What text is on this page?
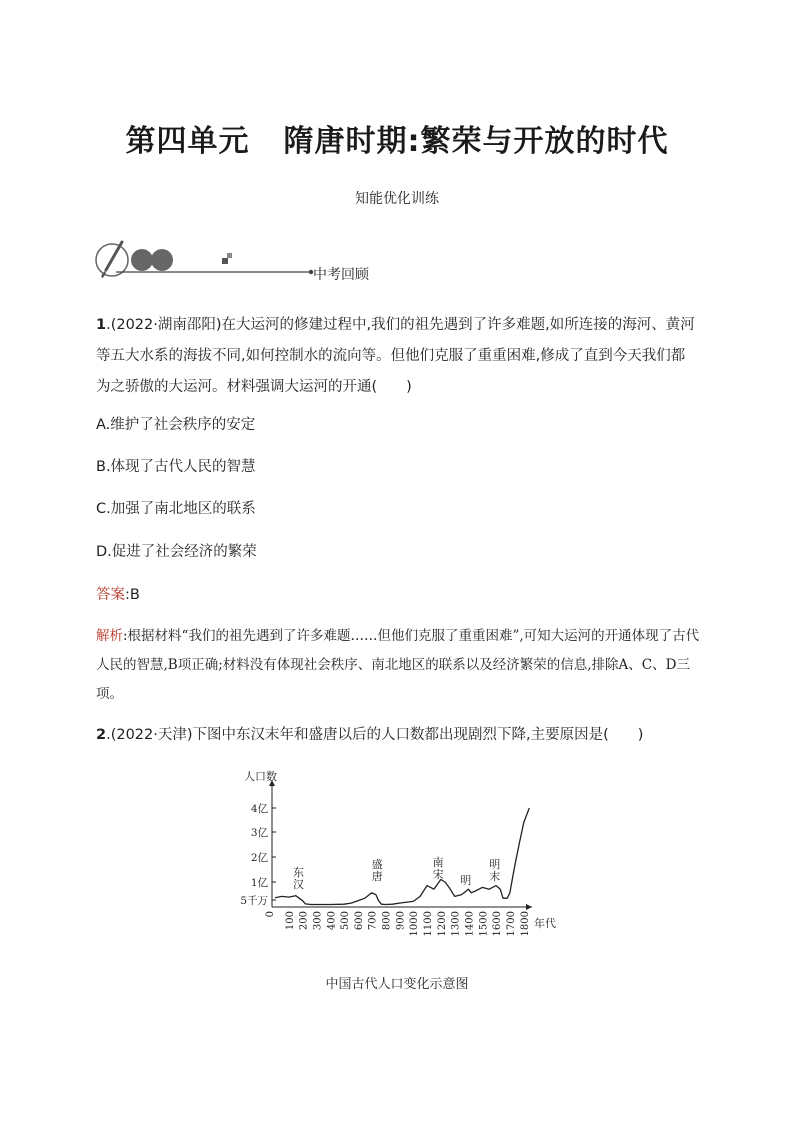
第四单元 隋唐时期:繁荣与开放的时代
知能优化训练
中考回顾
1.(2022·湖南邵阳)在大运河的修建过程中,我们的祖先遇到了许多难题,如所连接的海河、黄河等五大水系的海拔不同,如何控制水的流向等。但他们克服了重重困难,修成了直到今天我们都为之骄傲的大运河。材料强调大运河的开通(　　)
A.维护了社会秩序的安定
B.体现了古代人民的智慧
C.加强了南北地区的联系
D.促进了社会经济的繁荣
答案:B
解析:根据材料“我们的祖先遇到了许多难题……但他们克服了重重困难”,可知大运河的开通体现了古代人民的智慧,B项正确;材料没有体现社会秩序、南北地区的联系以及经济繁荣的信息,排除A、C、D三项。
2.(2022·天津)下图中东汉末年和盛唐以后的人口数都出现剧烈下降,主要原因是(　　)
人口数
年代
4亿
3亿
2亿
1亿
5千万
0 100 200 300 400 500 600 700 800 900 1000 1100 1200 1300 1400 1500 1600 1700 1800
东
汉
盛
唐
南
宋 明
明
末
中国古代人口变化示意图
